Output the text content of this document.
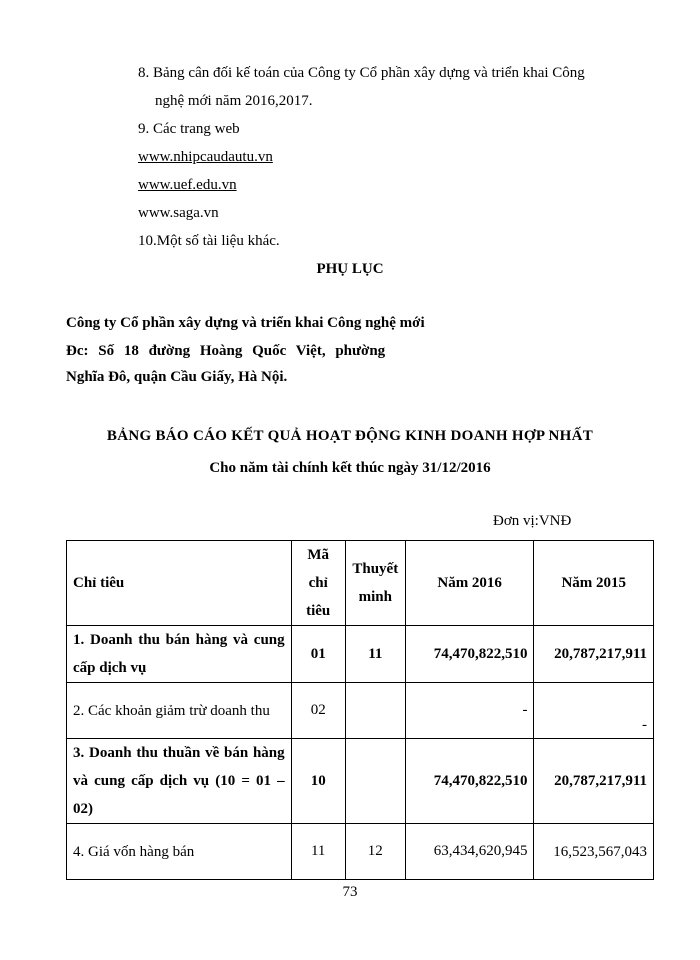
8. Bảng cân đối kế toán của Công ty Cổ phần xây dựng và triển khai Công
nghệ mới năm 2016,2017.
9. Các trang web
www.nhipcaudautu.vn
www.uef.edu.vn
www.saga.vn
10.Một số tài liệu khác.
PHỤ LỤC
Công ty Cổ phần xây dựng và triển khai Công nghệ mới
Đc: Số 18 đường Hoàng Quốc Việt, phường
Nghĩa Đô, quận Cầu Giấy, Hà Nội.
BẢNG BÁO CÁO KẾT QUẢ HOẠT ĐỘNG KINH DOANH HỢP NHẤT
Cho năm tài chính kết thúc ngày 31/12/2016
Đơn vị:VNĐ
Chỉ tiêu	Mã chỉ tiêu	Thuyết minh	Năm 2016	Năm 2015
1. Doanh thu bán hàng và cung cấp dịch vụ	01	11	74,470,822,510	20,787,217,911
2. Các khoản giảm trừ doanh thu	02		-	-
3. Doanh thu thuần về bán hàng và cung cấp dịch vụ (10 = 01 – 02)	10		74,470,822,510	20,787,217,911
4. Giá vốn hàng bán	11	12	63,434,620,945	16,523,567,043
73
